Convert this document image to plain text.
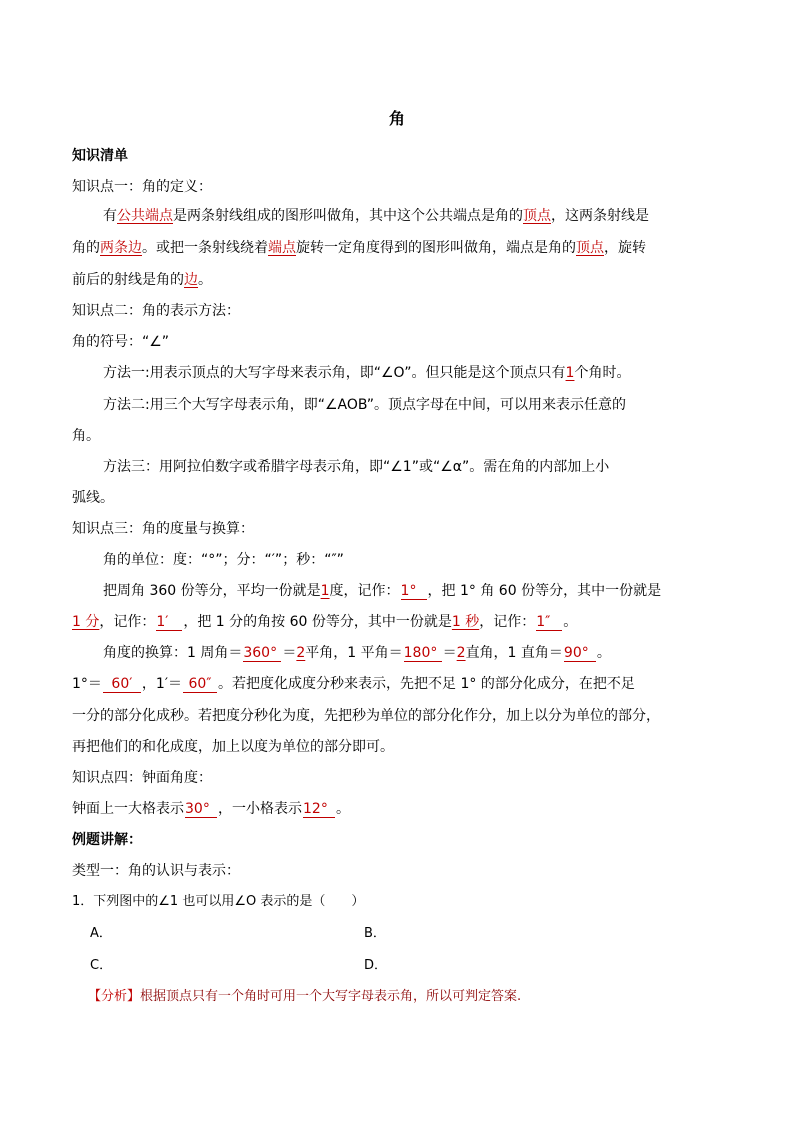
角
知识清单
知识点一：角的定义：
有公共端点是两条射线组成的图形叫做角，其中这个公共端点是角的顶点，这两条射线是
角的两条边。或把一条射线绕着端点旋转一定角度得到的图形叫做角，端点是角的顶点，旋转
前后的射线是角的边。
知识点二：角的表示方法：
角的符号：“∠”
方法一:用表示顶点的大写字母来表示角，即“∠O”。但只能是这个顶点只有1个角时。
方法二:用三个大写字母表示角，即“∠AOB”。顶点字母在中间，可以用来表示任意的
角。
方法三：用阿拉伯数字或希腊字母表示角，即“∠1”或“∠α”。需在角的内部加上小
弧线。
知识点三：角的度量与换算：
角的单位：度：“°”；分：“′”；秒：“″”
把周角 360 份等分，平均一份就是1度，记作：1° ，把 1° 角 60 份等分，其中一份就是
1 分，记作：1′ ，把 1 分的角按 60 份等分，其中一份就是1 秒，记作：1″ 。
角度的换算：1 周角＝360° ＝2平角，1 平角＝180° ＝2直角，1 直角＝90° 。
1°＝ 60′ ，1′＝ 60″ 。若把度化成度分秒来表示，先把不足 1° 的部分化成分，在把不足
一分的部分化成秒。若把度分秒化为度，先把秒为单位的部分化作分，加上以分为单位的部分，
再把他们的和化成度，加上以度为单位的部分即可。
知识点四：钟面角度：
钟面上一大格表示30° ，一小格表示12° 。
例题讲解：
类型一：角的认识与表示：
1．下列图中的∠1 也可以用∠O 表示的是（　　）
A．	B．
C．	D．
【分析】根据顶点只有一个角时可用一个大写字母表示角，所以可判定答案.
